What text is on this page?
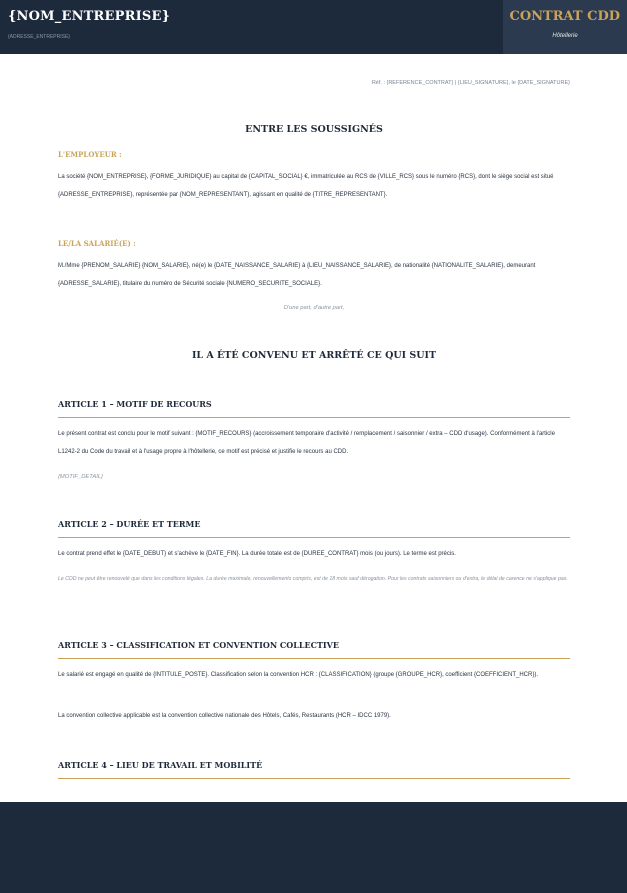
{NOM_ENTREPRISE}
{ADRESSE_ENTREPRISE}
CONTRAT CDD
Hôtellerie
Réf. : {REFERENCE_CONTRAT} | {LIEU_SIGNATURE}, le {DATE_SIGNATURE}
ENTRE LES SOUSSIGNÉS
L'EMPLOYEUR :
La société {NOM_ENTREPRISE}, {FORME_JURIDIQUE} au capital de {CAPITAL_SOCIAL} €, immatriculée au RCS de {VILLE_RCS} sous le numéro {RCS}, dont le siège social est situé {ADRESSE_ENTREPRISE}, représentée par {NOM_REPRESENTANT}, agissant en qualité de {TITRE_REPRESENTANT}.
LE/LA SALARIÉ(E) :
M./Mme {PRENOM_SALARIE} {NOM_SALARIE}, né(e) le {DATE_NAISSANCE_SALARIE} à {LIEU_NAISSANCE_SALARIE}, de nationalité {NATIONALITE_SALARIE}, demeurant {ADRESSE_SALARIE}, titulaire du numéro de Sécurité sociale {NUMERO_SECURITE_SOCIALE}.
D'une part, d'autre part,
IL A ÉTÉ CONVENU ET ARRÊTÉ CE QUI SUIT
ARTICLE 1 – MOTIF DE RECOURS
Le présent contrat est conclu pour le motif suivant : {MOTIF_RECOURS} (accroissement temporaire d'activité / remplacement / saisonnier / extra – CDD d'usage). Conformément à l'article L1242-2 du Code du travail et à l'usage propre à l'hôtellerie, ce motif est précisé et justifie le recours au CDD.
{MOTIF_DETAIL}
ARTICLE 2 – DURÉE ET TERME
Le contrat prend effet le {DATE_DEBUT} et s'achève le {DATE_FIN}. La durée totale est de {DUREE_CONTRAT} mois (ou jours). Le terme est précis.
Le CDD ne peut être renouvelé que dans les conditions légales. La durée maximale, renouvellements compris, est de 18 mois sauf dérogation. Pour les contrats saisonniers ou d'extra, le délai de carence ne s'applique pas.
ARTICLE 3 – CLASSIFICATION ET CONVENTION COLLECTIVE
Le salarié est engagé en qualité de {INTITULE_POSTE}. Classification selon la convention HCR : {CLASSIFICATION} (groupe {GROUPE_HCR}, coefficient {COEFFICIENT_HCR}).
La convention collective applicable est la convention collective nationale des Hôtels, Cafés, Restaurants (HCR – IDCC 1979).
ARTICLE 4 – LIEU DE TRAVAIL ET MOBILITÉ
